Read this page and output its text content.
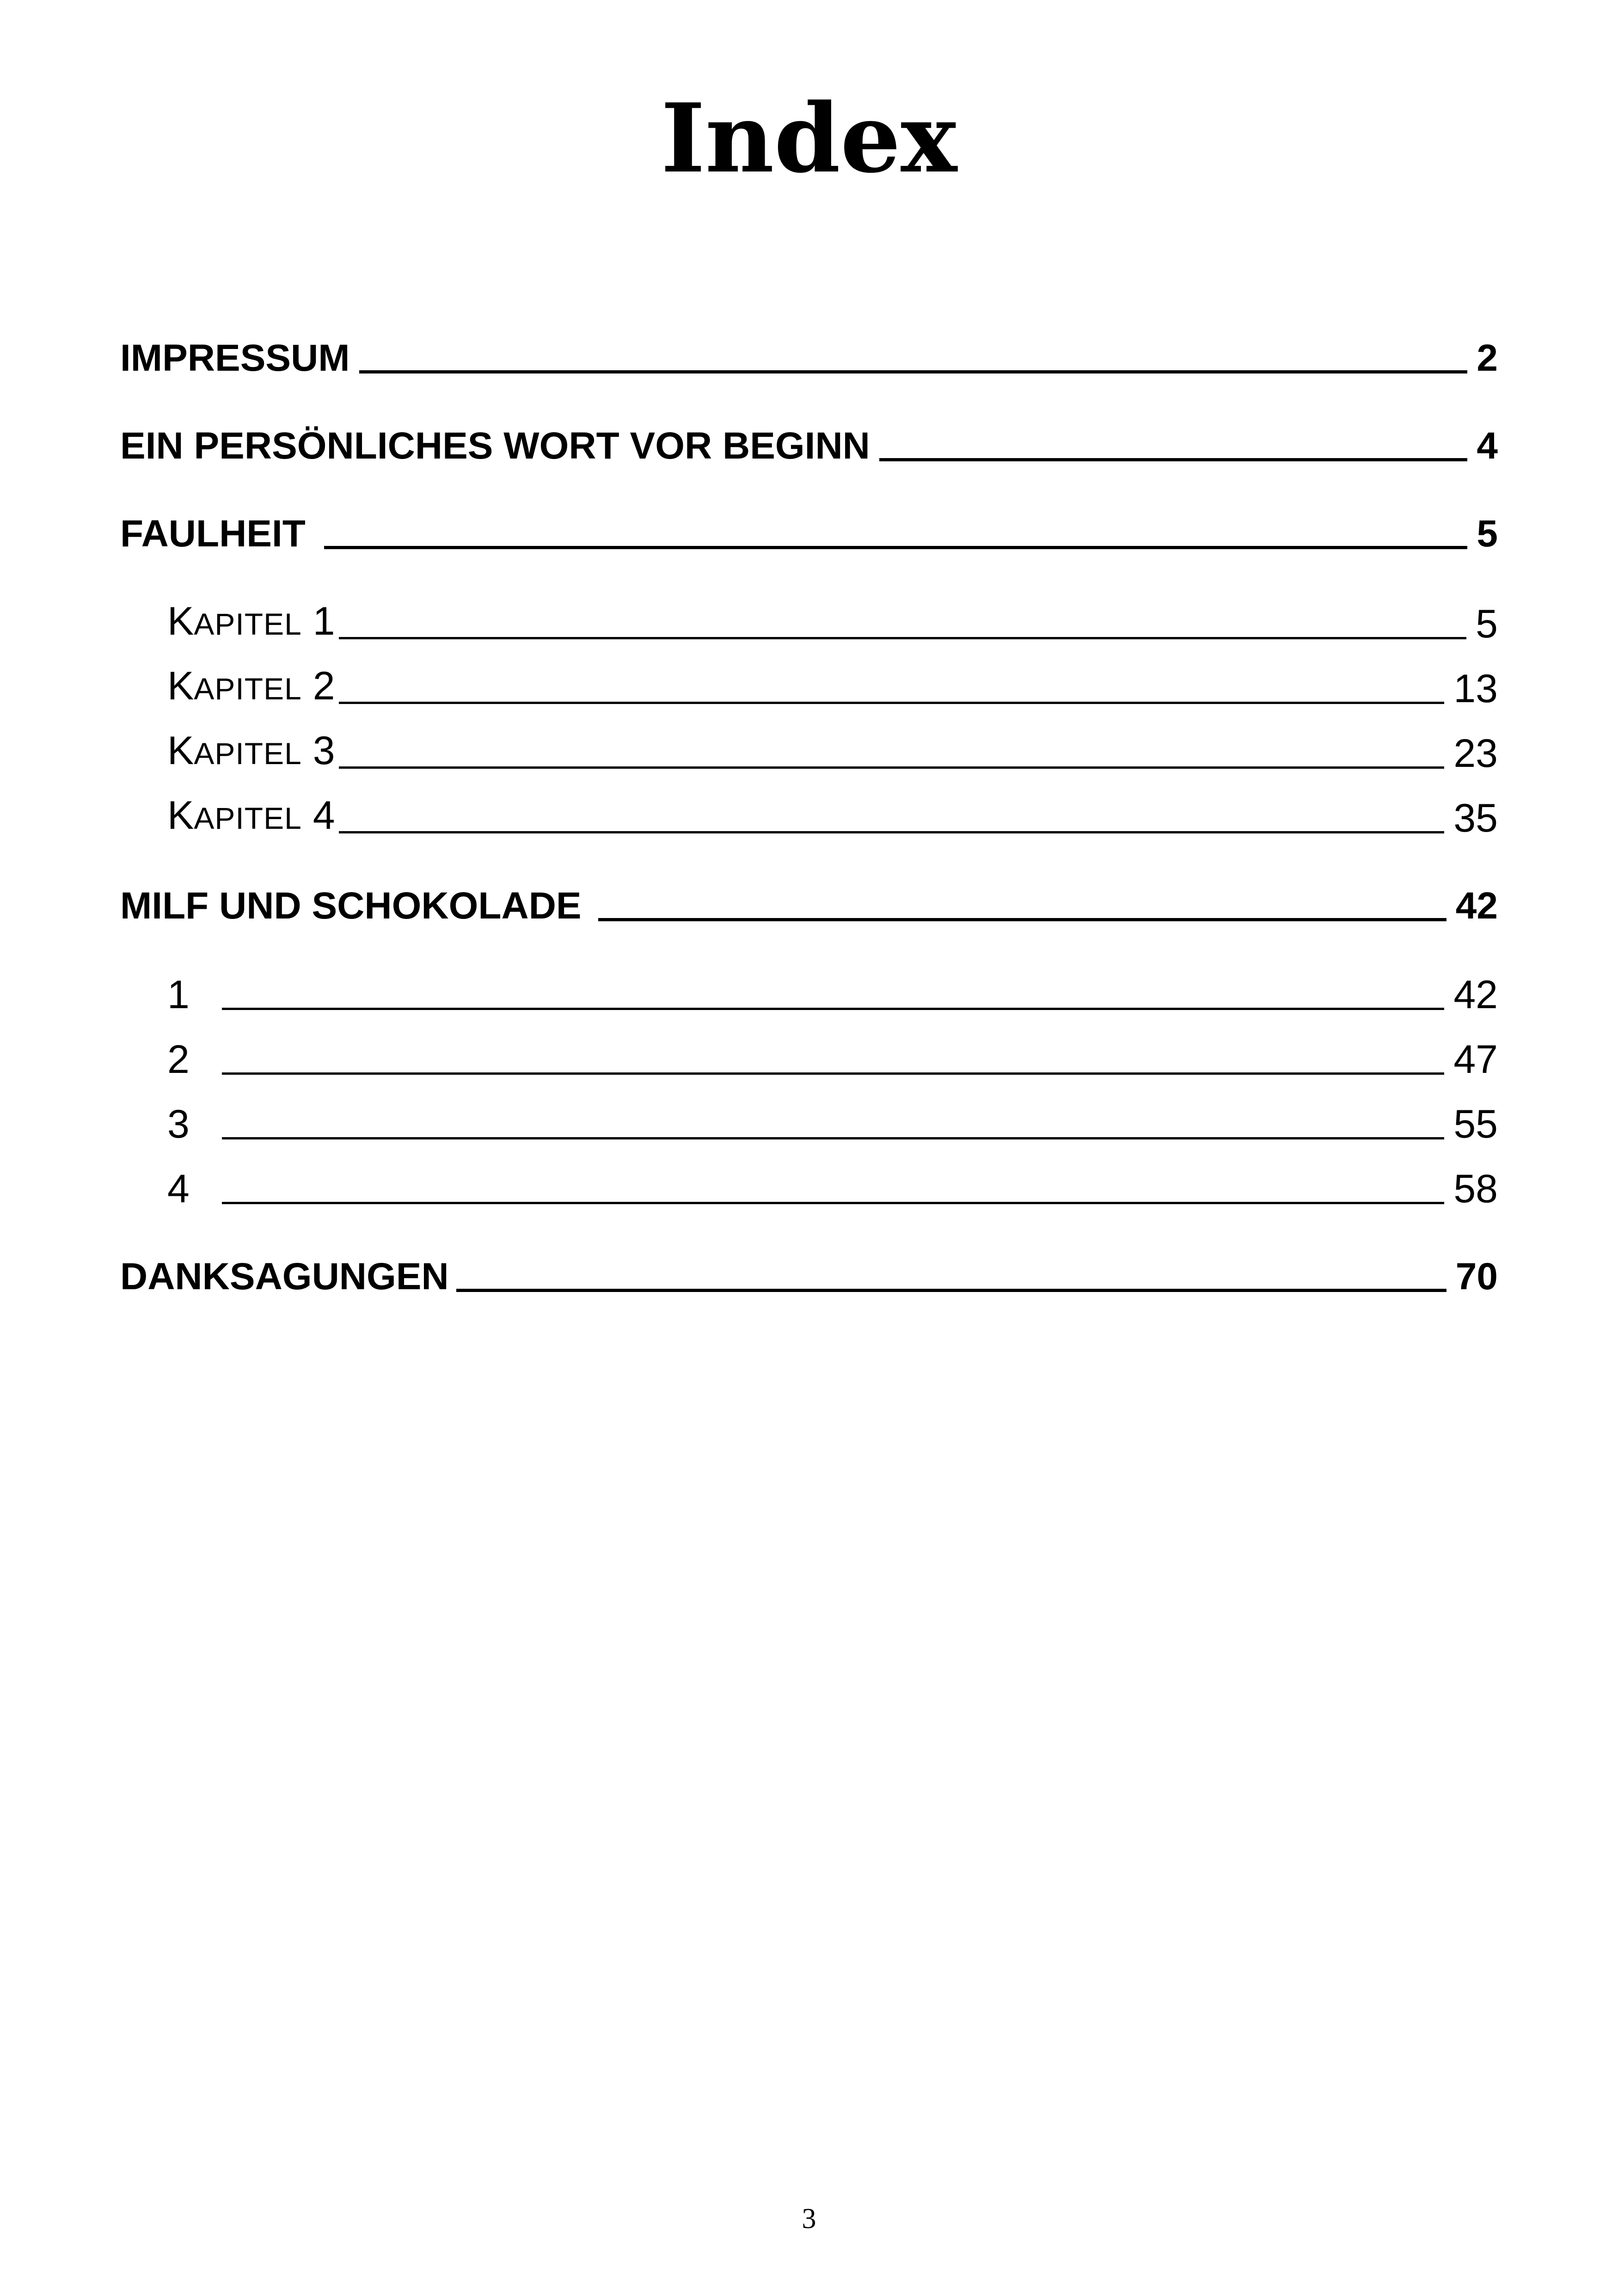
Index
IMPRESSUM	2
EIN PERSÖNLICHES WORT VOR BEGINN	4
FAULHEIT	5
KAPITEL 1	5
KAPITEL 2	13
KAPITEL 3	23
KAPITEL 4	35
MILF UND SCHOKOLADE	42
1	42
2	47
3	55
4	58
DANKSAGUNGEN	70
3
